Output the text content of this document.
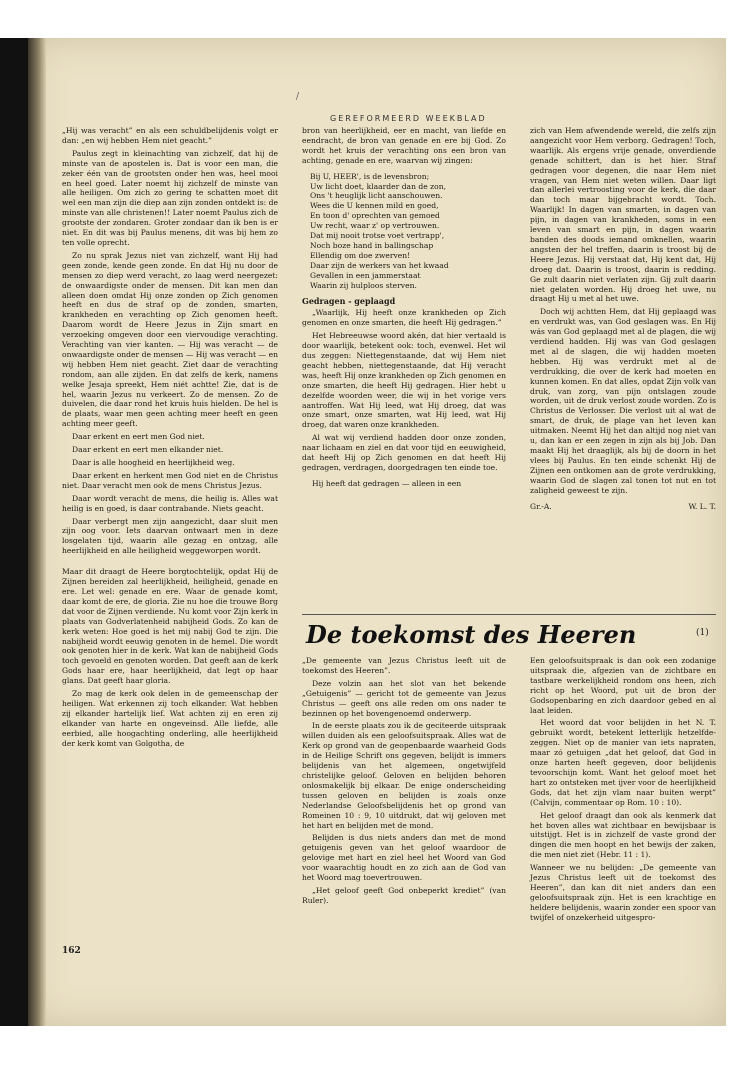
/
GEREFORMEERD WEEKBLAD

„Hij was veracht” en als een schuldbelijdenis volgt er dan: „en wij hebben Hem niet geacht.”

Paulus zegt in kleinachting van zichzelf, dat hij de minste van de apostelen is. Dat is voor een man, die zeker één van de grootsten onder hen was, heel mooi en heel goed. Later noemt hij zichzelf de minste van alle heiligen. Om zich zo gering te schatten moet dit wel een man zijn die diep aan zijn zonden ontdekt is: de minste van alle christenen!! Later noemt Paulus zich de grootste der zondaren. Groter zondaar dan ik ben is er niet. En dit was bij Paulus menens, dit was bij hem zo ten volle oprecht.

Zo nu sprak Jezus niet van zichzelf, want Hij had geen zonde, kende geen zonde. En dat Hij nu door de mensen zo diep werd veracht, zo laag werd neergezet: de onwaardigste onder de mensen. Dit kan men dan alleen doen omdat Hij onze zonden op Zich genomen heeft en dus de straf op de zonden, smarten, krankheden en verachting op Zich genomen heeft. Daarom wordt de Heere Jezus in Zijn smart en verzoeking omgeven door een viervoudige verachting. Verachting van vier kanten. — Hij was veracht — de onwaardigste onder de mensen — Hij was veracht — en wij hebben Hem niet geacht. Ziet daar de verachting rondom, aan alle zijden. En dat zelfs de kerk, namens welke Jesaja spreekt, Hem niét achtte! Zie, dat is de hel, waarin Jezus nu verkeert. Zo de mensen. Zo de duivelen, die daar rond het kruis huis hielden. De hel is de plaats, waar men geen achting meer heeft en geen achting meer geeft.

Daar erkent en eert men God niet.

Daar erkent en eert men elkander niet.

Daar is alle hoogheid en heerlijkheid weg.

Daar erkent en herkent men God niet en de Christus niet. Daar veracht men ook de mens Christus Jezus.

Daar wordt veracht de mens, die heilig is. Alles wat heilig is en goed, is daar contrabande. Niets geacht.

Daar verbergt men zijn aangezicht, daar sluit men zijn oog voor. Iets daarvan ontwaart men in deze losgelaten tijd, waarin alle gezag en ontzag, alle heerlijkheid en alle heiligheid weggeworpen wordt.

Maar dit draagt de Heere borgtochtelijk, opdat Hij de Zijnen bereiden zal heerlijkheid, heiligheid, genade en ere. Let wel: genade en ere. Waar de genade komt, daar komt de ere, de gloria. Zie nu hoe die trouwe Borg dat voor de Zijnen verdiende. Nu komt voor Zijn kerk in plaats van Godverlatenheid nabijheid Gods. Zo kan de kerk weten: Hoe goed is het mij nabij God te zijn. Die nabijheid wordt eeuwig genoten in de hemel. Die wordt ook genoten hier in de kerk. Wat kan de nabijheid Gods toch gevoeld en genoten worden. Dat geeft aan de kerk Gods haar ere, haar heerlijkheid, dat legt op haar glans. Dat geeft haar gloria.

Zo mag de kerk ook delen in de gemeenschap der heiligen. Wat erkennen zij toch elkander. Wat hebben zij elkander hartelijk lief. Wat achten zij en eren zij elkander van harte en ongeveinsd. Alle liefde, alle eerbied, alle hoogachting onderling, alle heerlijkheid der kerk komt van Golgotha, de

bron van heerlijkheid, eer en macht, van liefde en eendracht, de bron van genade en ere bij God. Zo wordt het kruis der verachting ons een bron van achting, genade en ere, waarvan wij zingen:

Bij U, HEER', is de levensbron;
Uw licht doet, klaarder dan de zon,
Ons 't heuglijk licht aanschouwen.
Wees die U kennen mild en goed,
En toon d' oprechten van gemoed
Uw recht, waar z' op vertrouwen.
Dat mij nooit trotse voet vertrapp',
Noch boze hand in ballingschap
Ellendig om doe zwerven!
Daar zijn de werkers van het kwaad
Gevallen in een jammerstaat
Waarin zij hulploos sterven.
Gedragen - geplaagd

„Waarlijk, Hij heeft onze krankheden op Zich genomen en onze smarten, die heeft Hij gedragen.”

Het Hebreeuwse woord akén, dat hier vertaald is door waarlijk, betekent ook: toch, evenwel. Het wil dus zeggen: Niettegenstaande, dat wij Hem niet geacht hebben, niettegenstaande, dat Hij veracht was, heeft Hij onze krankheden op Zich genomen en onze smarten, die heeft Hij gedragen. Hier hebt u dezelfde woorden weer, die wij in het vorige vers aantroffen. Wat Hij leed, wat Hij droeg, dat was onze smart, onze smarten, wat Hij leed, wat Hij droeg, dat waren onze krankheden.

Al wat wij verdiend hadden door onze zonden, naar lichaam en ziel en dat voor tijd en eeuwigheid, dat heeft Hij op Zich genomen en dat heeft Hij gedragen, verdragen, doorgedragen ten einde toe.

Hij heeft dat gedragen — alleen in een

zich van Hem afwendende wereld, die zelfs zijn aangezicht voor Hem verborg. Gedragen! Toch, waarlijk. Als ergens vrije genade, onverdiende genade schittert, dan is het hier. Straf gedragen voor degenen, die naar Hem niet vragen, van Hem niet weten willen. Daar ligt dan allerlei vertroosting voor de kerk, die daar dan toch maar bijgebracht wordt. Toch. Waarlijk! In dagen van smarten, in dagen van pijn, in dagen van krankheden, soms in een leven van smart en pijn, in dagen waarin banden des doods iemand omknellen, waarin angsten der hel treffen, daarin is troost bij de Heere Jezus. Hij verstaat dat, Hij kent dat, Hij droeg dat. Daarin is troost, daarin is redding. Ge zult daarin niet verlaten zijn. Gij zult daarin niet gelaten worden. Hij droeg het uwe, nu draagt Hij u met al het uwe.

Doch wij achtten Hem, dat Hij geplaagd was en verdrukt was, van God geslagen was. En Hij wás van God geplaagd met al de plagen, die wij verdiend hadden. Hij was van God geslagen met al de slagen, die wij hadden moeten hebben. Hij was verdrukt met al de verdrukking, die over de kerk had moeten en kunnen komen. En dat alles, opdat Zijn volk van druk, van zorg, van pijn ontslagen zoude worden, uit de druk verlost zoude worden. Zo is Christus de Verlosser. Die verlost uit al wat de smart, de druk, de plage van het leven kan uitmaken. Neemt Hij het dan altijd nog niet van u, dan kan er een zegen in zijn als bij Job. Dan maakt Hij het draaglijk, als bij de doorn in het vlees bij Paulus. En ten einde schenkt Hij de Zijnen een ontkomen aan de grote verdrukking, waarin God de slagen zal tonen tot nut en tot zaligheid geweest te zijn.

Gr.-A.	W. L. T.
De toekomst des Heeren	(1)

„De gemeente van Jezus Christus leeft uit de toekomst des Heeren”.

Deze volzin aan het slot van het bekende „Getuigenis” — gericht tot de gemeente van Jezus Christus — geeft ons alle reden om ons nader te bezinnen op het bovengenoemd onderwerp.

In de eerste plaats zou ik de geciteerde uitspraak willen duiden als een geloofsuitspraak. Alles wat de Kerk op grond van de geopenbaarde waarheid Gods in de Heilige Schrift ons gegeven, belijdt is immers belijdenis van het algemeen, ongetwijfeld christelijke geloof. Geloven en belijden behoren onlosmakelijk bij elkaar. De enige onderscheiding tussen geloven en belijden is zoals onze Nederlandse Geloofsbelijdenis het op grond van Romeinen 10 : 9, 10 uitdrukt, dat wij geloven met het hart en belijden met de mond.

Belijden is dus niets anders dan met de mond getuigenis geven van het geloof waardoor de gelovige met hart en ziel heel het Woord van God voor waarachtig houdt en zo zich aan de God van het Woord mag toevertrouwen.

„Het geloof geeft God onbeperkt krediet” (van Ruler).

Een geloofsuitspraak is dan ook een zodanige uitspraak die, afgezien van de zichtbare en tastbare werkelijkheid rondom ons heen, zich richt op het Woord, put uit de bron der Godsopenbaring en zich daardoor gebed en al laat leiden.

Het woord dat voor belijden in het N. T. gebruikt wordt, betekent letterlijk hetzelfde-zeggen. Niet op de manier van iets napraten, maar zó getuigen „dat het geloof, dat God in onze harten heeft gegeven, door belijdenis tevoorschijn komt. Want het geloof moet het hart zo ontsteken met ijver voor de heerlijkheid Gods, dat het zijn vlam naar buiten werpt” (Calvijn, commentaar op Rom. 10 : 10).

Het geloof draagt dan ook als kenmerk dat het boven alles wat zichtbaar en bewijsbaar is uitstijgt. Het is in zichzelf de vaste grond der dingen die men hoopt en het bewijs der zaken, die men niet ziet (Hebr. 11 : 1).

Wanneer we nu belijden: „De gemeente van Jezus Christus leeft uit de toekomst des Heeren”, dan kan dit niet anders dan een geloofsuitspraak zijn. Het is een krachtige en heldere belijdenis, waarin zonder een spoor van twijfel of onzekerheid uitgespro-

162
